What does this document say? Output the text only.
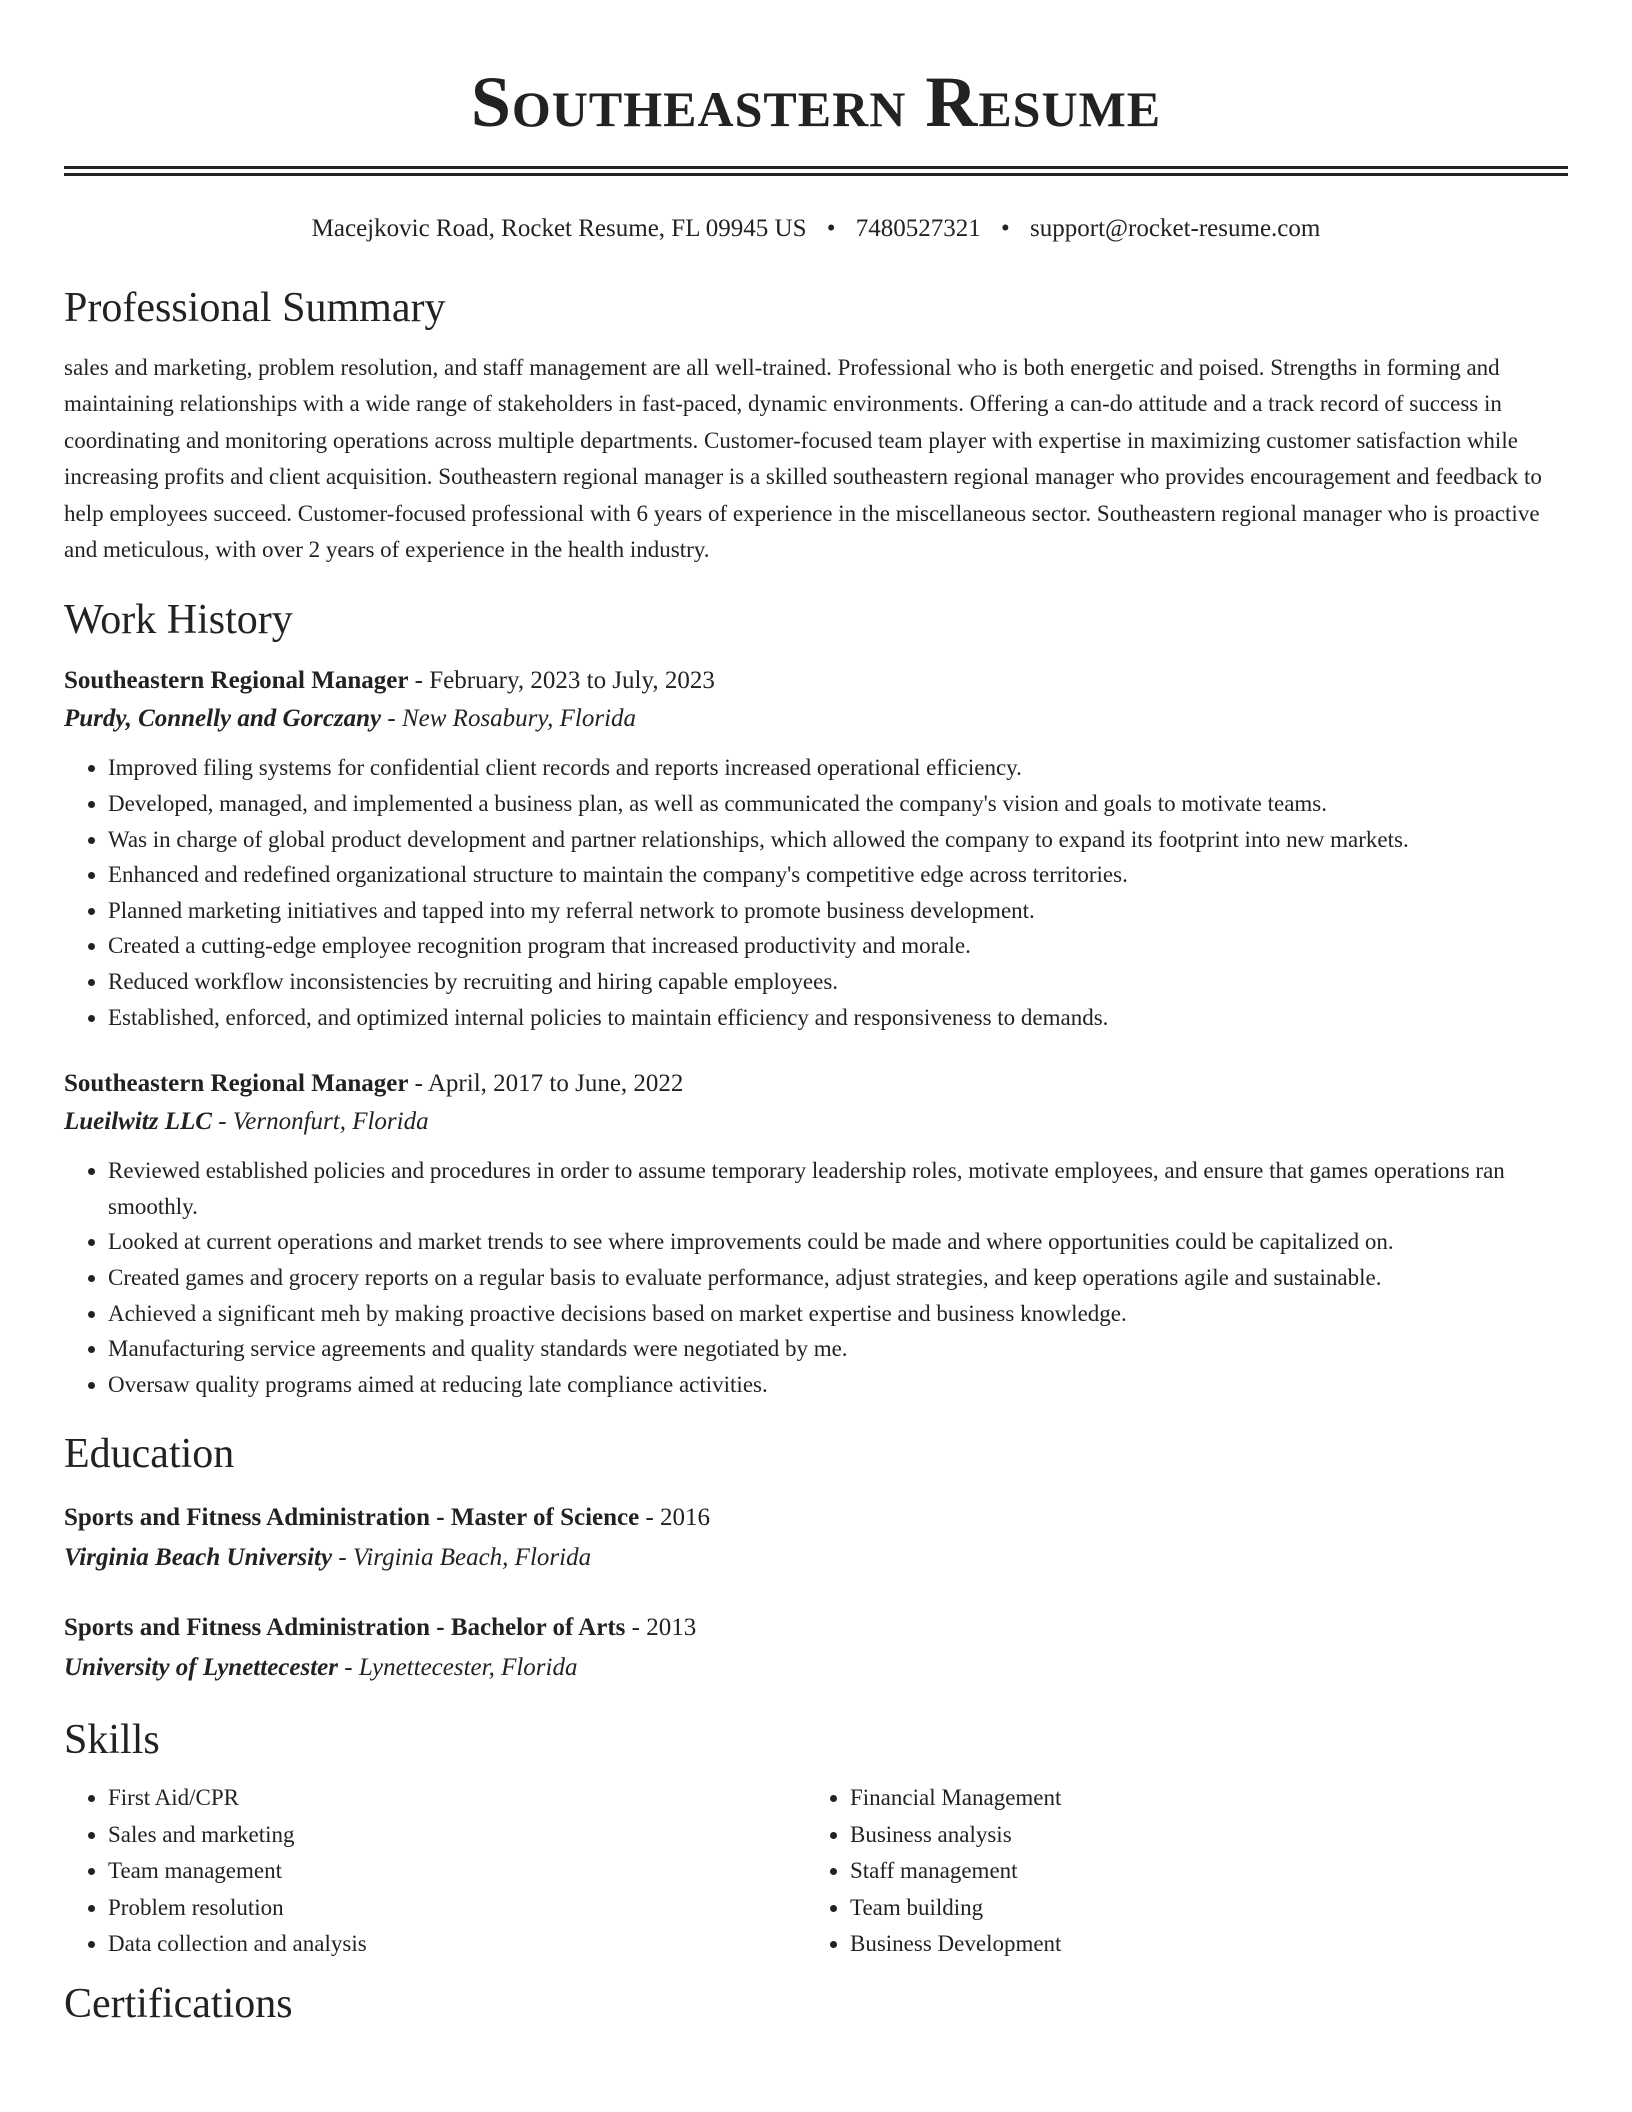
Southeastern Resume
Macejkovic Road, Rocket Resume, FL 09945 US • 7480527321 • support@rocket-resume.com
Professional Summary

sales and marketing, problem resolution, and staff management are all well-trained. Professional who is both energetic and poised. Strengths in forming and maintaining relationships with a wide range of stakeholders in fast-paced, dynamic environments. Offering a can-do attitude and a track record of success in coordinating and monitoring operations across multiple departments. Customer-focused team player with expertise in maximizing customer satisfaction while increasing profits and client acquisition. Southeastern regional manager is a skilled southeastern regional manager who provides encouragement and feedback to help employees succeed. Customer-focused professional with 6 years of experience in the miscellaneous sector. Southeastern regional manager who is proactive and meticulous, with over 2 years of experience in the health industry.

Work History
Southeastern Regional Manager - February, 2023 to July, 2023
Purdy, Connelly and Gorczany - New Rosabury, Florida
• Improved filing systems for confidential client records and reports increased operational efficiency.
• Developed, managed, and implemented a business plan, as well as communicated the company's vision and goals to motivate teams.
• Was in charge of global product development and partner relationships, which allowed the company to expand its footprint into new markets.
• Enhanced and redefined organizational structure to maintain the company's competitive edge across territories.
• Planned marketing initiatives and tapped into my referral network to promote business development.
• Created a cutting-edge employee recognition program that increased productivity and morale.
• Reduced workflow inconsistencies by recruiting and hiring capable employees.
• Established, enforced, and optimized internal policies to maintain efficiency and responsiveness to demands.
Southeastern Regional Manager - April, 2017 to June, 2022
Lueilwitz LLC - Vernonfurt, Florida
• Reviewed established policies and procedures in order to assume temporary leadership roles, motivate employees, and ensure that games operations ran smoothly.
• Looked at current operations and market trends to see where improvements could be made and where opportunities could be capitalized on.
• Created games and grocery reports on a regular basis to evaluate performance, adjust strategies, and keep operations agile and sustainable.
• Achieved a significant meh by making proactive decisions based on market expertise and business knowledge.
• Manufacturing service agreements and quality standards were negotiated by me.
• Oversaw quality programs aimed at reducing late compliance activities.
Education
Sports and Fitness Administration - Master of Science - 2016
Virginia Beach University - Virginia Beach, Florida
Sports and Fitness Administration - Bachelor of Arts - 2013
University of Lynettecester - Lynettecester, Florida
Skills
• First Aid/CPR
• Sales and marketing
• Team management
• Problem resolution
• Data collection and analysis
• Financial Management
• Business analysis
• Staff management
• Team building
• Business Development
Certifications
